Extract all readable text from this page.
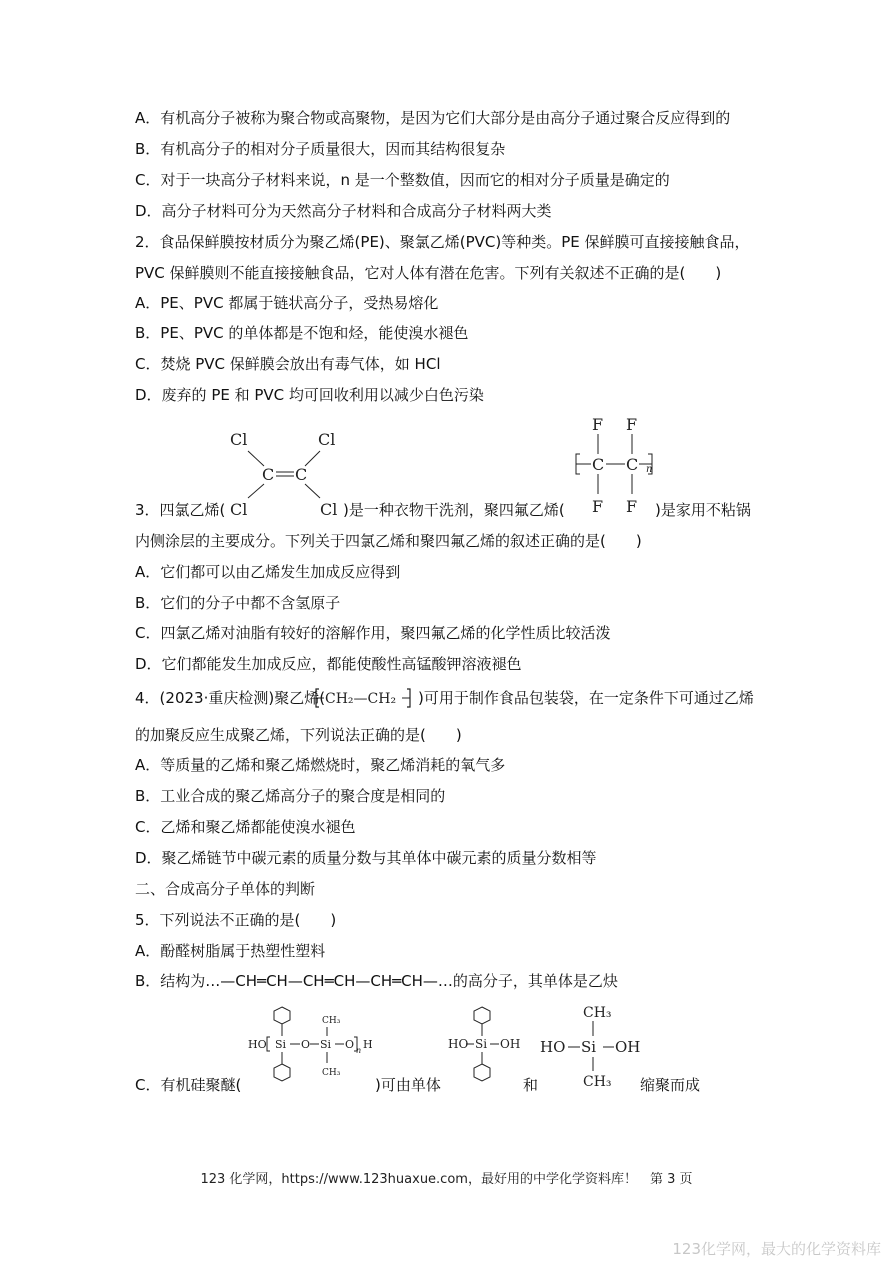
A．有机高分子被称为聚合物或高聚物，是因为它们大部分是由高分子通过聚合反应得到的
B．有机高分子的相对分子质量很大，因而其结构很复杂
C．对于一块高分子材料来说，n 是一个整数值，因而它的相对分子质量是确定的
D．高分子材料可分为天然高分子材料和合成高分子材料两大类
2．食品保鲜膜按材质分为聚乙烯(PE)、聚氯乙烯(PVC)等种类。PE 保鲜膜可直接接触食品，
PVC 保鲜膜则不能直接接触食品，它对人体有潜在危害。下列有关叙述不正确的是(　　)
A．PE、PVC 都属于链状高分子，受热易熔化
B．PE、PVC 的单体都是不饱和烃，能使溴水褪色
C．焚烧 PVC 保鲜膜会放出有毒气体，如 HCl
D．废弃的 PE 和 PVC 均可回收利用以减少白色污染
Cl	Cl
C C
Cl	Cl
F F
C C n
F F
3．四氯乙烯(	)是一种衣物干洗剂，聚四氟乙烯(	)是家用不粘锅
内侧涂层的主要成分。下列关于四氯乙烯和聚四氟乙烯的叙述正确的是(　　)
A．它们都可以由乙烯发生加成反应得到
B．它们的分子中都不含氢原子
C．四氯乙烯对油脂有较好的溶解作用，聚四氟乙烯的化学性质比较活泼
D．它们都能发生加成反应，都能使酸性高锰酸钾溶液褪色
4．(2023·重庆检测)聚乙烯( CH₂—CH₂ )可用于制作食品包装袋，在一定条件下可通过乙烯
的加聚反应生成聚乙烯，下列说法正确的是(　　)
A．等质量的乙烯和聚乙烯燃烧时，聚乙烯消耗的氧气多
B．工业合成的聚乙烯高分子的聚合度是相同的
C．乙烯和聚乙烯都能使溴水褪色
D．聚乙烯链节中碳元素的质量分数与其单体中碳元素的质量分数相等
二、合成高分子单体的判断
5．下列说法不正确的是(　　)
A．酚醛树脂属于热塑性塑料
B．结构为…—CH═CH—CH═CH—CH═CH—…的高分子，其单体是乙炔
HO Si O Si
CH₃
O n H
CH₃
HO Si OH
CH₃
HO Si OH
CH₃
C．有机硅聚醚(	)可由单体	和	缩聚而成
123 化学网，https://www.123huaxue.com，最好用的中学化学资料库！　第 3 页
123化学网，最大的化学资料库
